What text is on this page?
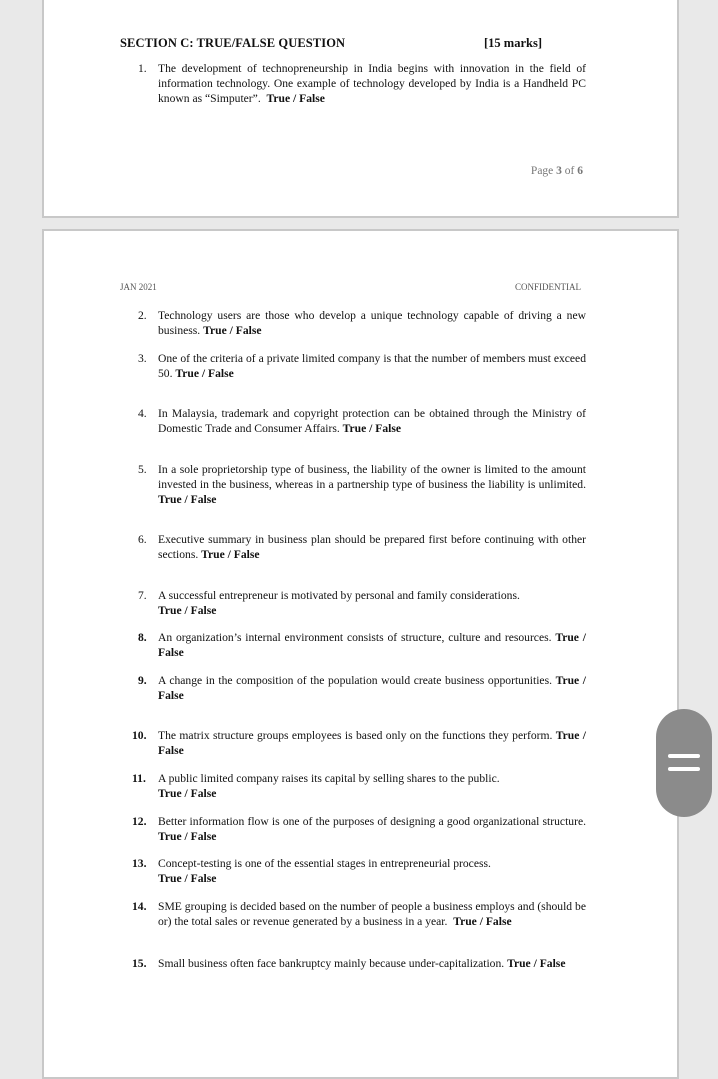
SECTION C: TRUE/FALSE QUESTION	[15 marks]
1. The development of technopreneurship in India begins with innovation in the field of information technology. One example of technology developed by India is a Handheld PC known as “Simputer”. True / False
Page 3 of 6
JAN 2021	CONFIDENTIAL
2. Technology users are those who develop a unique technology capable of driving a new business. True / False
3. One of the criteria of a private limited company is that the number of members must exceed 50. True / False
4. In Malaysia, trademark and copyright protection can be obtained through the Ministry of Domestic Trade and Consumer Affairs. True / False
5. In a sole proprietorship type of business, the liability of the owner is limited to the amount invested in the business, whereas in a partnership type of business the liability is unlimited. True / False
6. Executive summary in business plan should be prepared first before continuing with other sections. True / False
7. A successful entrepreneur is motivated by personal and family considerations.
True / False
8. An organization’s internal environment consists of structure, culture and resources. True / False
9. A change in the composition of the population would create business opportunities. True / False
10. The matrix structure groups employees is based only on the functions they perform. True / False
11.	A public limited company raises its capital by selling shares to the public.
True / False
12. Better information flow is one of the purposes of designing a good organizational structure. True / False
13. Concept-testing is one of the essential stages in entrepreneurial process.
True / False
14. SME grouping is decided based on the number of people a business employs and (should be or) the total sales or revenue generated by a business in a year. True / False
15. Small business often face bankruptcy mainly because under-capitalization. True / False
